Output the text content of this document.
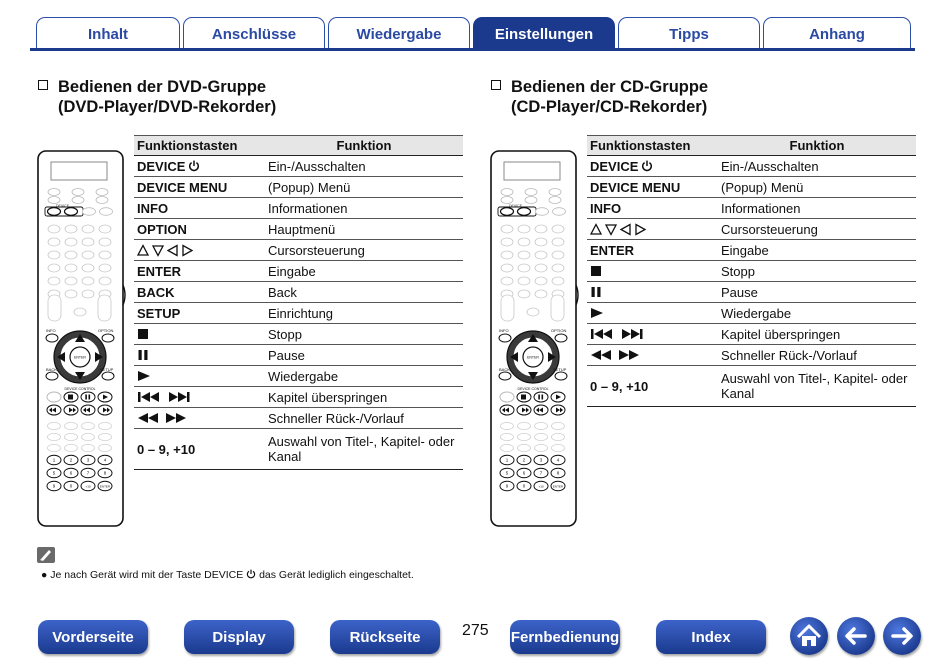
Inhalt	Anschlüsse	Wiedergabe	Einstellungen	Tipps	Anhang
Bedienen der DVD-Gruppe
(DVD-Player/DVD-Rekorder)
Bedienen der CD-Gruppe
(CD-Player/CD-Rekorder)
DEVICE
INFO	OPTION
ENTER
BACK	SETUP
DEVICE CONTROL
1	2	3	4
5	6	7	8
9	0	+10	ENTER
DEVICE
INFO	OPTION
ENTER
BACK	SETUP
DEVICE CONTROL
1	2	3	4
5	6	7	8
9	0	+10	ENTER
Funktionstasten	Funktion
DEVICE	Ein-/Ausschalten
DEVICE MENU	(Popup) Menü
INFO	Informationen
OPTION	Hauptmenü
	Cursorsteuerung
ENTER	Eingabe
BACK	Back
SETUP	Einrichtung
	Stopp
	Pause
	Wiedergabe
	Kapitel überspringen
	Schneller Rück-/Vorlauf
0 – 9, +10	Auswahl von Titel-, Kapitel- oder Kanal
Funktionstasten	Funktion
DEVICE	Ein-/Ausschalten
DEVICE MENU	(Popup) Menü
INFO	Informationen
	Cursorsteuerung
ENTER	Eingabe
	Stopp
	Pause
	Wiedergabe
	Kapitel überspringen
	Schneller Rück-/Vorlauf
0 – 9, +10	Auswahl von Titel-, Kapitel- oder Kanal
● Je nach Gerät wird mit der Taste DEVICE das Gerät lediglich eingeschaltet.
Vorderseite	Display	Rückseite	275 Fernbedienung	Index
